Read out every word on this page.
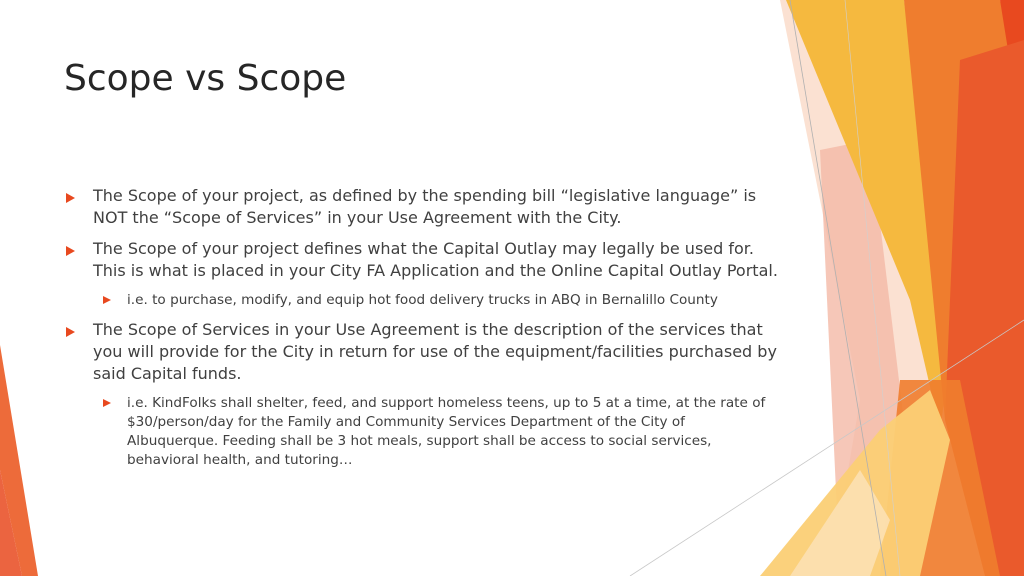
Scope vs Scope
The Scope of your project, as defined by the spending bill “legislative language” is NOT the “Scope of Services” in your Use Agreement with the City.
The Scope of your project defines what the Capital Outlay may legally be used for. This is what is placed in your City FA Application and the Online Capital Outlay Portal.
i.e. to purchase, modify, and equip hot food delivery trucks in ABQ in Bernalillo County
The Scope of Services in your Use Agreement is the description of the services that you will provide for the City in return for use of the equipment/facilities purchased by said Capital funds.
i.e. KindFolks shall shelter, feed, and support homeless teens, up to 5 at a time, at the rate of $30/person/day for the Family and Community Services Department of the City of Albuquerque. Feeding shall be 3 hot meals, support shall be access to social services, behavioral health, and tutoring…
